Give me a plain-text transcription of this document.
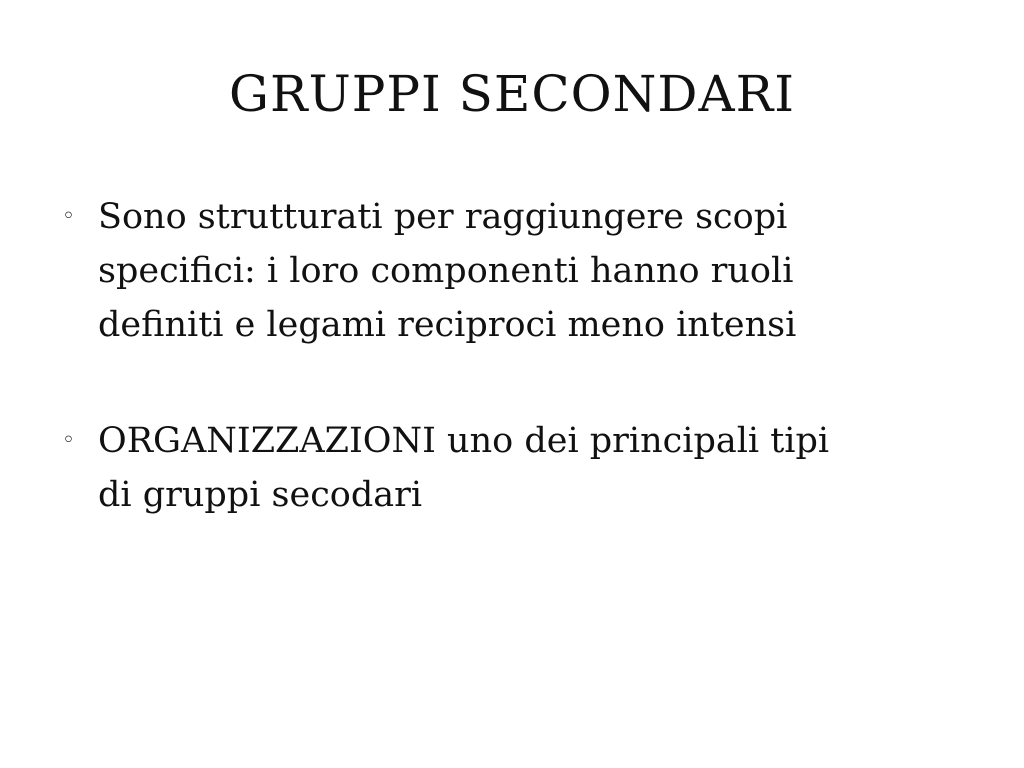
GRUPPI SECONDARI
◦ Sono strutturati per raggiungere scopi
specifici: i loro componenti hanno ruoli
definiti e legami reciproci meno intensi
◦ ORGANIZZAZIONI uno dei principali tipi
di gruppi secodari
